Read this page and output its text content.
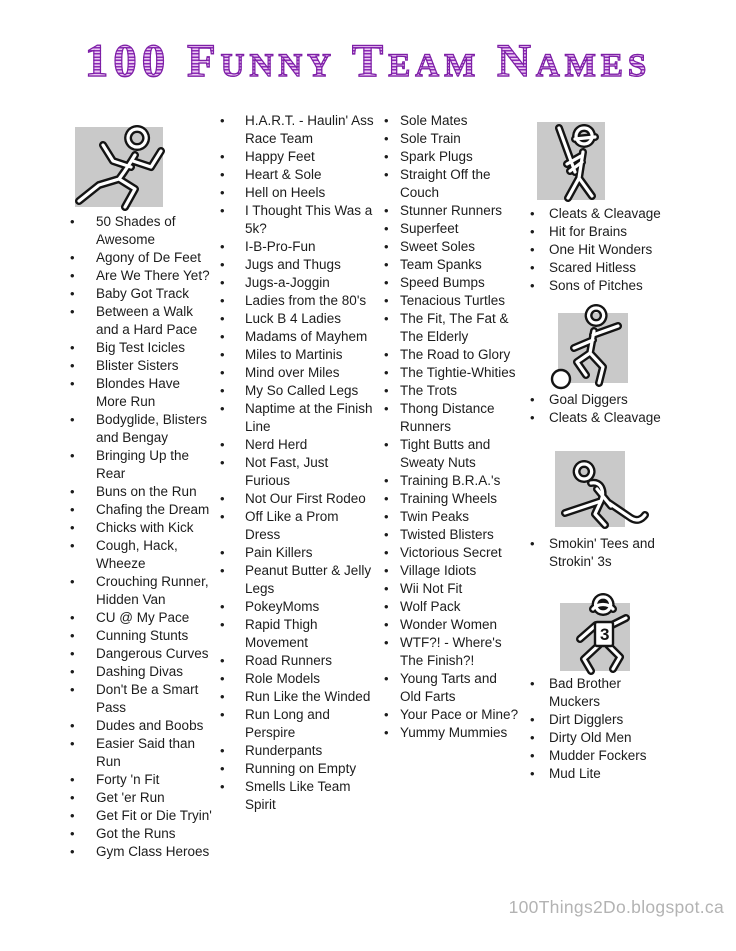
100 Funny Team Names
• 50 Shades of Awesome
• Agony of De Feet
• Are We There Yet?
• Baby Got Track
• Between a Walk and a Hard Pace
• Big Test Icicles
• Blister Sisters
• Blondes Have More Run
• Bodyglide, Blisters and Bengay
• Bringing Up the Rear
• Buns on the Run
• Chafing the Dream
• Chicks with Kick
• Cough, Hack, Wheeze
• Crouching Runner, Hidden Van
• CU @ My Pace
• Cunning Stunts
• Dangerous Curves
• Dashing Divas
• Don't Be a Smart Pass
• Dudes and Boobs
• Easier Said than Run
• Forty 'n Fit
• Get 'er Run
• Get Fit or Die Tryin'
• Got the Runs
• Gym Class Heroes
• H.A.R.T. - Haulin' Ass Race Team
• Happy Feet
• Heart & Sole
• Hell on Heels
• I Thought This Was a 5k?
• I-B-Pro-Fun
• Jugs and Thugs
• Jugs-a-Joggin
• Ladies from the 80's
• Luck B 4 Ladies
• Madams of Mayhem
• Miles to Martinis
• Mind over Miles
• My So Called Legs
• Naptime at the Finish Line
• Nerd Herd
• Not Fast, Just Furious
• Not Our First Rodeo
• Off Like a Prom Dress
• Pain Killers
• Peanut Butter & Jelly Legs
• PokeyMoms
• Rapid Thigh Movement
• Road Runners
• Role Models
• Run Like the Winded
• Run Long and Perspire
• Runderpants
• Running on Empty
• Smells Like Team Spirit
• Sole Mates
• Sole Train
• Spark Plugs
• Straight Off the Couch
• Stunner Runners
• Superfeet
• Sweet Soles
• Team Spanks
• Speed Bumps
• Tenacious Turtles
• The Fit, The Fat & The Elderly
• The Road to Glory
• The Tightie-Whities
• The Trots
• Thong Distance Runners
• Tight Butts and Sweaty Nuts
• Training B.R.A.'s
• Training Wheels
• Twin Peaks
• Twisted Blisters
• Victorious Secret
• Village Idiots
• Wii Not Fit
• Wolf Pack
• Wonder Women
• WTF?! - Where's The Finish?!
• Young Tarts and Old Farts
• Your Pace or Mine?
• Yummy Mummies
• Cleats & Cleavage
• Hit for Brains
• One Hit Wonders
• Scared Hitless
• Sons of Pitches
• Goal Diggers
• Cleats & Cleavage
• Smokin' Tees and Strokin' 3s
3
• Bad Brother Muckers
• Dirt Digglers
• Dirty Old Men
• Mudder Fockers
• Mud Lite
100Things2Do.blogspot.ca
